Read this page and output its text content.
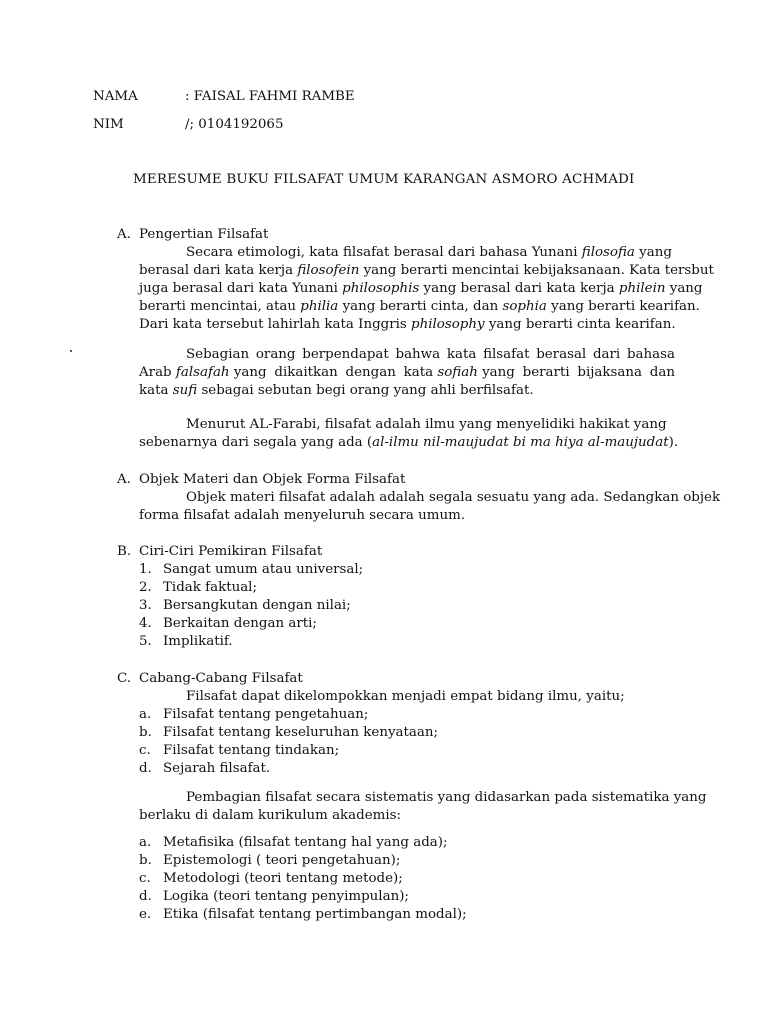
NAMA	: FAISAL FAHMI RAMBE
NIM	/; 0104192065
MERESUME BUKU FILSAFAT UMUM KARANGAN ASMORO ACHMADI
A. Pengertian Filsafat
Secara etimologi, kata filsafat berasal dari bahasa Yunani filosofia yang
berasal dari kata kerja filosofein yang berarti mencintai kebijaksanaan. Kata tersbut
juga berasal dari kata Yunani philosophis yang berasal dari kata kerja philein yang
berarti mencintai, atau philia yang berarti cinta, dan sophia yang berarti kearifan.
Dari kata tersebut lahirlah kata Inggris philosophy yang berarti cinta kearifan.
Sebagian orang berpendapat bahwa kata filsafat berasal dari bahasa
Arab falsafah yang dikaitkan dengan kata sofiah yang berarti bijaksana dan
kata sufi sebagai sebutan begi orang yang ahli berfilsafat.
Menurut AL-Farabi, filsafat adalah ilmu yang menyelidiki hakikat yang
sebenarnya dari segala yang ada (al-ilmu nil-maujudat bi ma hiya al-maujudat).
A. Objek Materi dan Objek Forma Filsafat
Objek materi filsafat adalah adalah segala sesuatu yang ada. Sedangkan objek
forma filsafat adalah menyeluruh secara umum.
B. Ciri-Ciri Pemikiran Filsafat
1. Sangat umum atau universal;
2. Tidak faktual;
3. Bersangkutan dengan nilai;
4. Berkaitan dengan arti;
5. Implikatif.
C. Cabang-Cabang Filsafat
Filsafat dapat dikelompokkan menjadi empat bidang ilmu, yaitu;
a. Filsafat tentang pengetahuan;
b. Filsafat tentang keseluruhan kenyataan;
c. Filsafat tentang tindakan;
d. Sejarah filsafat.
Pembagian filsafat secara sistematis yang didasarkan pada sistematika yang
berlaku di dalam kurikulum akademis:
a. Metafisika (filsafat tentang hal yang ada);
b. Epistemologi ( teori pengetahuan);
c. Metodologi (teori tentang metode);
d. Logika (teori tentang penyimpulan);
e. Etika (filsafat tentang pertimbangan modal);
